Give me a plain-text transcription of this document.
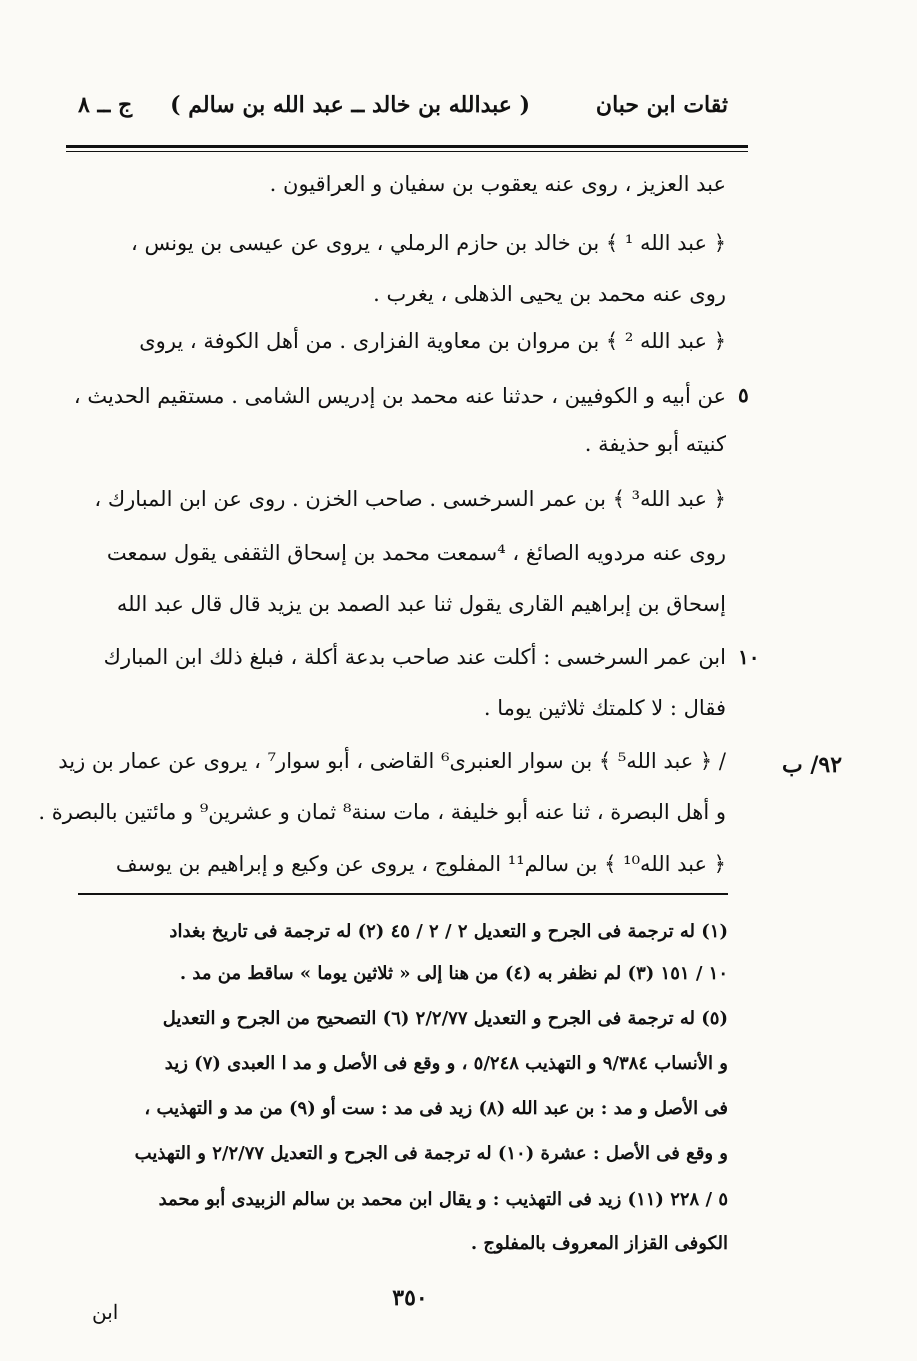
ثقات ابن حبان
( عبدالله بن خالد ــ عبد الله بن سالم )
ج ــ ٨
عبد العزيز ، روى عنه يعقوب بن سفيان و العراقيون .
﴿ عبد الله ¹ ﴾ بن خالد بن حازم الرملي ، يروى عن عيسى بن يونس ،
روى عنه محمد بن يحيى الذهلى ، يغرب .
﴿ عبد الله ² ﴾ بن مروان بن معاوية الفزارى . من أهل الكوفة ، يروى
عن أبيه و الكوفيين ، حدثنا عنه محمد بن إدريس الشامى . مستقيم الحديث ،
كنيته أبو حذيفة .
﴿ عبد الله³ ﴾ بن عمر السرخسى . صاحب الخزن . روى عن ابن المبارك ،
روى عنه مردويه الصائغ ، ⁴سمعت محمد بن إسحاق الثقفى يقول سمعت
إسحاق بن إبراهيم القارى يقول ثنا عبد الصمد بن يزيد قال قال عبد الله
ابن عمر السرخسى : أكلت عند صاحب بدعة أكلة ، فبلغ ذلك ابن المبارك
فقال : لا كلمتك ثلاثين يوما .
/ ﴿ عبد الله⁵ ﴾ بن سوار العنبرى⁶ القاضى ، أبو سوار⁷ ، يروى عن عمار بن زيد
و أهل البصرة ، ثنا عنه أبو خليفة ، مات سنة⁸ ثمان و عشرين⁹ و مائتين بالبصرة .
﴿ عبد الله¹⁰ ﴾ بن سالم¹¹ المفلوج ، يروى عن وكيع و إبراهيم بن يوسف
٥
١٠
٩٢/ ب
(١) له ترجمة فى الجرح و التعديل ٢ / ٢ / ٤٥ (٢) له ترجمة فى تاريخ بغداد
١٠ / ١٥١ (٣) لم نظفر به (٤) من هنا إلى « ثلاثين يوما » ساقط من مد .
(٥) له ترجمة فى الجرح و التعديل ٢/٢/٧٧ (٦) التصحيح من الجرح و التعديل
و الأنساب ٩/٣٨٤ و التهذيب ٥/٢٤٨ ، و وقع فى الأصل و مد ا العبدى (٧) زيد
فى الأصل و مد : بن عبد الله (٨) زيد فى مد : ست أو (٩) من مد و التهذيب ،
و وقع فى الأصل : عشرة (١٠) له ترجمة فى الجرح و التعديل ٢/٢/٧٧ و التهذيب
٥ / ٢٢٨ (١١) زيد فى التهذيب : و يقال ابن محمد بن سالم الزبيدى أبو محمد
الكوفى القزاز المعروف بالمفلوج .
٣٥٠
ابن
